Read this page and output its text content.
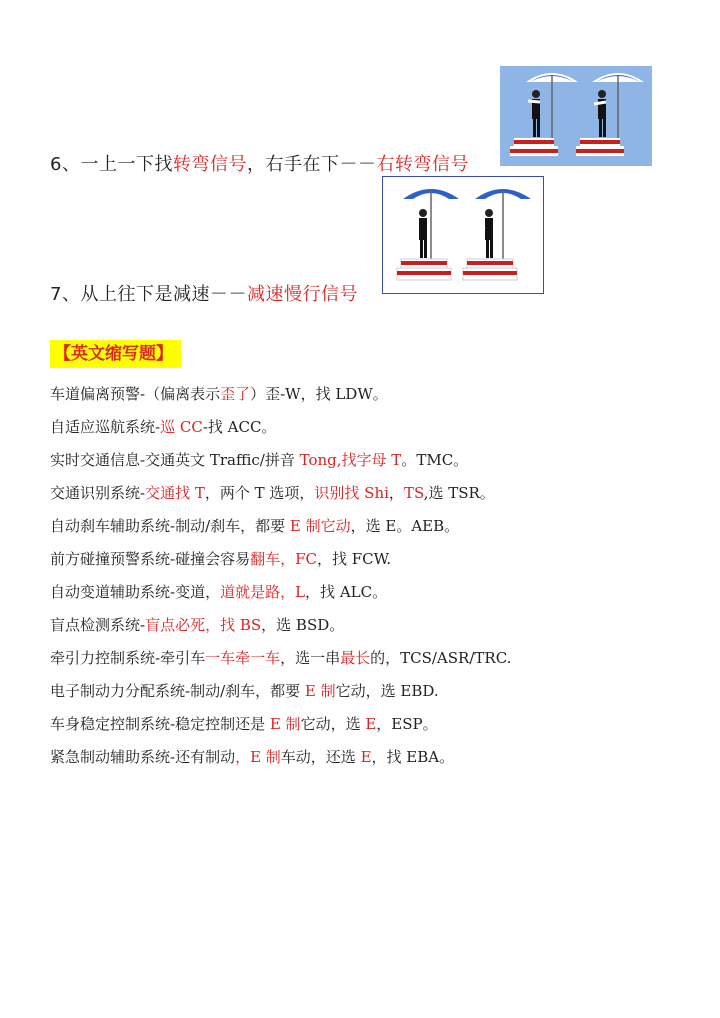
6、一上一下找转弯信号，右手在下－－右转弯信号
7、从上往下是减速－－减速慢行信号
【英文缩写题】
车道偏离预警-（偏离表示歪了）歪-W，找 LDW。
自适应巡航系统-巡 CC-找 ACC。
实时交通信息-交通英文 Traffic/拼音 Tong,找字母 T。TMC。
交通识别系统-交通找 T，两个 T 选项，识别找 Shi，TS,选 TSR。
自动刹车辅助系统-制动/刹车，都要 E 制它动，选 E。AEB。
前方碰撞预警系统-碰撞会容易翻车，FC，找 FCW.
自动变道辅助系统-变道，道就是路，L，找 ALC。
盲点检测系统-盲点必死，找 BS，选 BSD。
牵引力控制系统-牵引车一车牵一车，选一串最长的，TCS/ASR/TRC.
电子制动力分配系统-制动/刹车，都要 E 制它动，选 EBD.
车身稳定控制系统-稳定控制还是 E 制它动，选 E，ESP。
紧急制动辅助系统-还有制动，E 制车动，还选 E，找 EBA。
